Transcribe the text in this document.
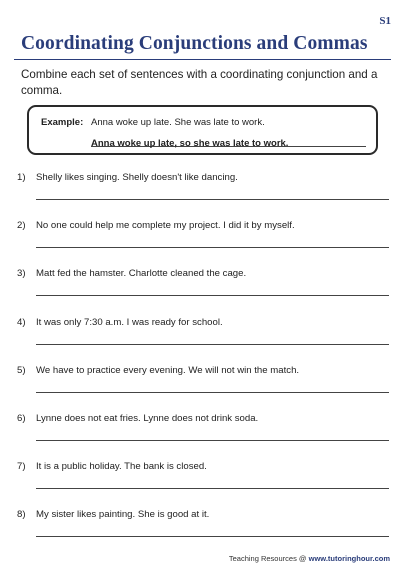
S1
Coordinating Conjunctions and Commas

Combine each set of sentences with a coordinating conjunction and a comma.

Example: Anna woke up late. She was late to work.
Anna woke up late, so she was late to work.
1) Shelly likes singing. Shelly doesn't like dancing.
2) No one could help me complete my project. I did it by myself.
3) Matt fed the hamster. Charlotte cleaned the cage.
4) It was only 7:30 a.m. I was ready for school.
5) We have to practice every evening. We will not win the match.
6) Lynne does not eat fries. Lynne does not drink soda.
7) It is a public holiday. The bank is closed.
8) My sister likes painting. She is good at it.
Teaching Resources @ www.tutoringhour.com
